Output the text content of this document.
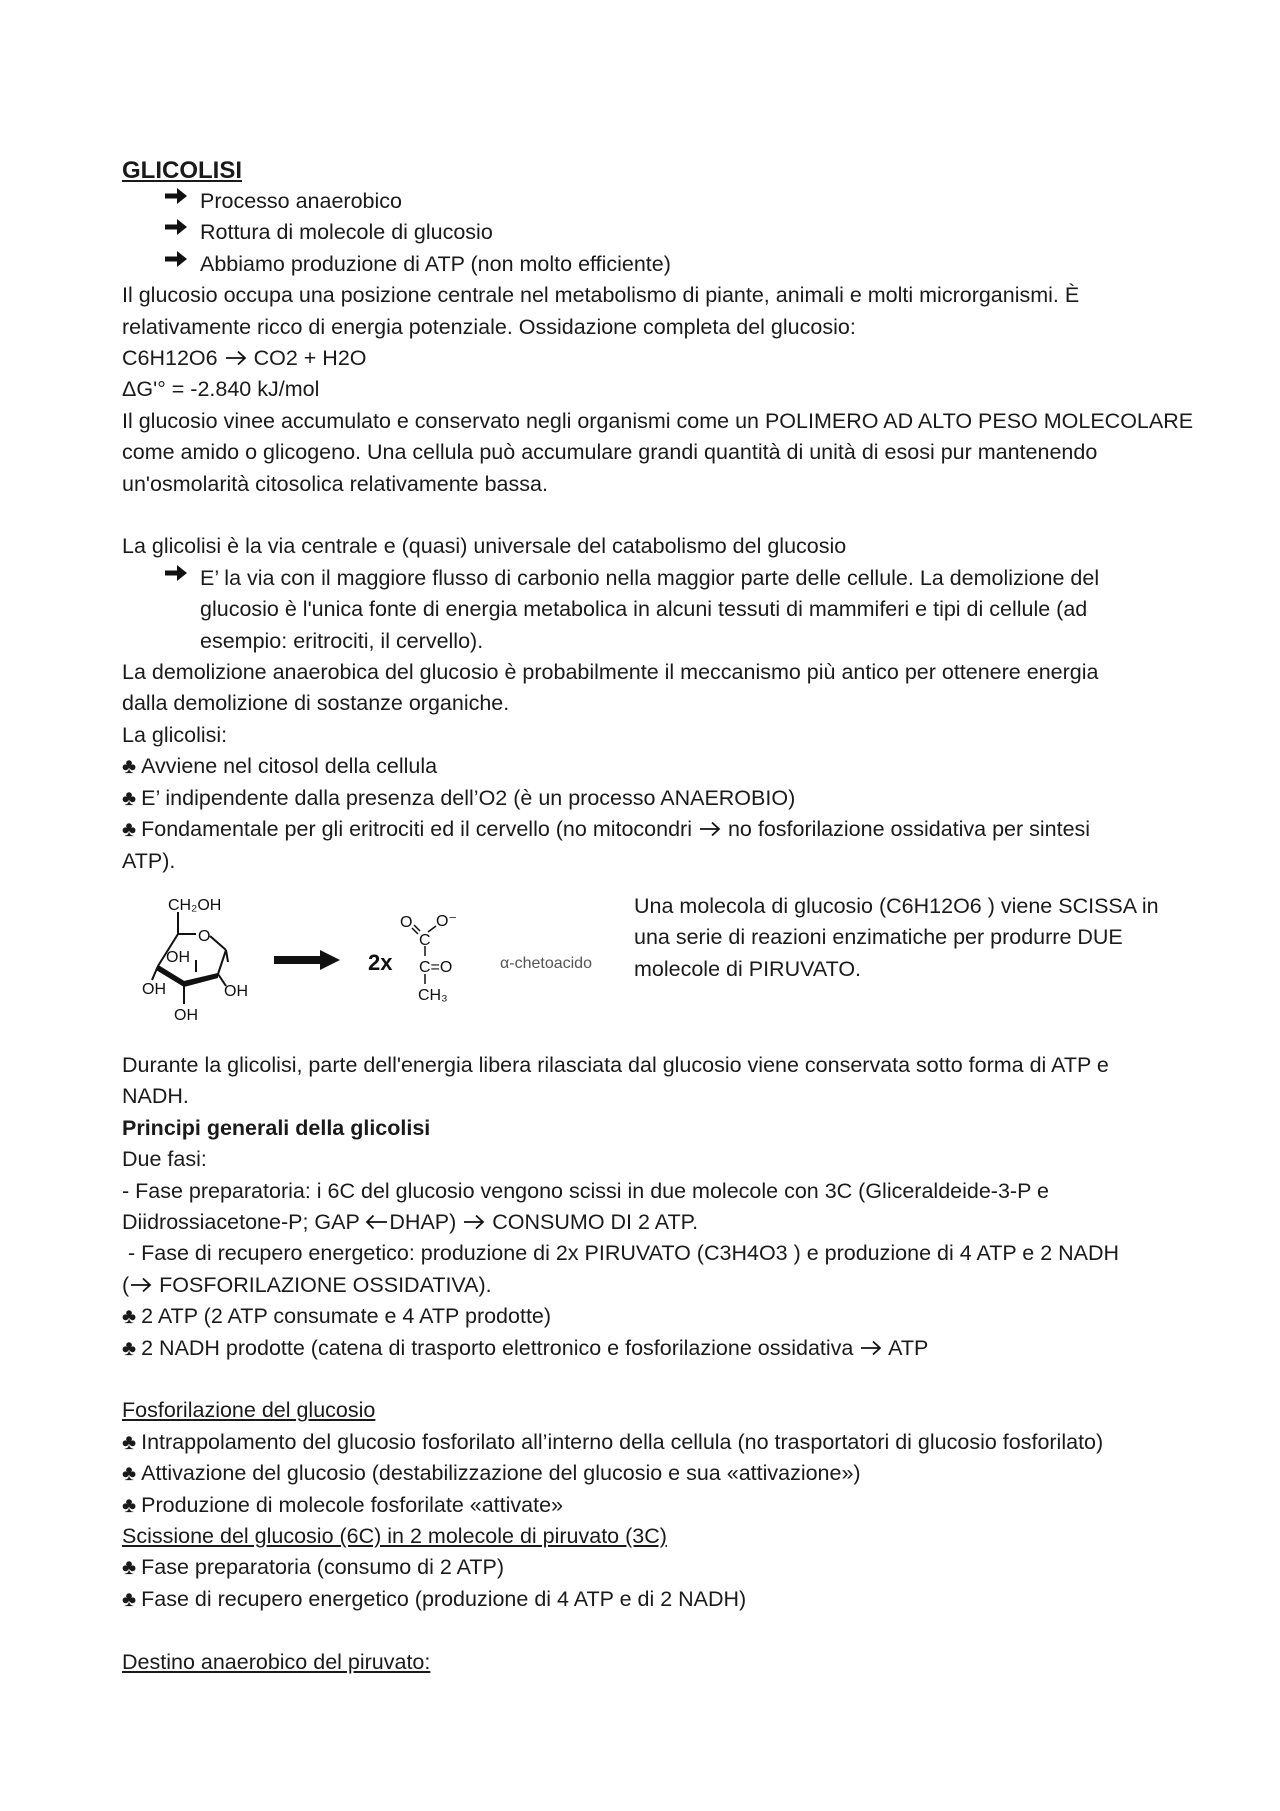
GLICOLISI
Processo anaerobico
Rottura di molecole di glucosio
Abbiamo produzione di ATP (non molto efficiente)
Il glucosio occupa una posizione centrale nel metabolismo di piante, animali e molti microrganismi. È
relativamente ricco di energia potenziale. Ossidazione completa del glucosio:
C6H12O6 CO2 + H2O
ΔG'° = -2.840 kJ/mol
Il glucosio vinee accumulato e conservato negli organismi come un POLIMERO AD ALTO PESO MOLECOLARE
come amido o glicogeno. Una cellula può accumulare grandi quantità di unità di esosi pur mantenendo
un'osmolarità citosolica relativamente bassa.
La glicolisi è la via centrale e (quasi) universale del catabolismo del glucosio
E’ la via con il maggiore flusso di carbonio nella maggior parte delle cellule. La demolizione del
glucosio è l'unica fonte di energia metabolica in alcuni tessuti di mammiferi e tipi di cellule (ad
esempio: eritrociti, il cervello).
La demolizione anaerobica del glucosio è probabilmente il meccanismo più antico per ottenere energia
dalla demolizione di sostanze organiche.
La glicolisi:
♣ Avviene nel citosol della cellula
♣ E’ indipendente dalla presenza dell’O2 (è un processo ANAEROBIO)
♣ Fondamentale per gli eritrociti ed il cervello (no mitocondri no fosforilazione ossidativa per sintesi
ATP).
CH₂OH
O
OH
OH	OH
OH
2x
O
C
O⁻
C=O
CH₃
α-chetoacido
Una molecola di glucosio (C6H12O6 ) viene SCISSA in
una serie di reazioni enzimatiche per produrre DUE
molecole di PIRUVATO.
Durante la glicolisi, parte dell'energia libera rilasciata dal glucosio viene conservata sotto forma di ATP e
NADH.
Principi generali della glicolisi
Due fasi:
- Fase preparatoria: i 6C del glucosio vengono scissi in due molecole con 3C (Gliceraldeide-3-P e
Diidrossiacetone-P; GAP DHAP) CONSUMO DI 2 ATP.
- Fase di recupero energetico: produzione di 2x PIRUVATO (C3H4O3 ) e produzione di 4 ATP e 2 NADH
( FOSFORILAZIONE OSSIDATIVA).
♣ 2 ATP (2 ATP consumate e 4 ATP prodotte)
♣ 2 NADH prodotte (catena di trasporto elettronico e fosforilazione ossidativa ATP
Fosforilazione del glucosio
♣ Intrappolamento del glucosio fosforilato all’interno della cellula (no trasportatori di glucosio fosforilato)
♣ Attivazione del glucosio (destabilizzazione del glucosio e sua «attivazione»)
♣ Produzione di molecole fosforilate «attivate»
Scissione del glucosio (6C) in 2 molecole di piruvato (3C)
♣ Fase preparatoria (consumo di 2 ATP)
♣ Fase di recupero energetico (produzione di 4 ATP e di 2 NADH)
Destino anaerobico del piruvato:
